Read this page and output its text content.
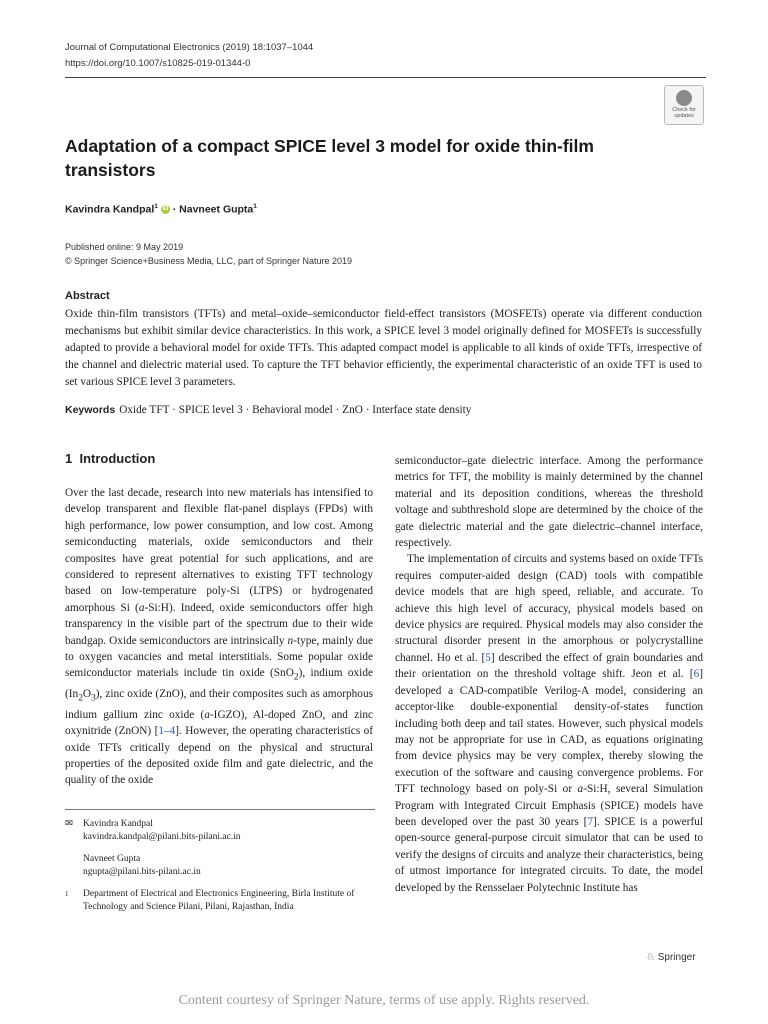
Journal of Computational Electronics (2019) 18:1037–1044
https://doi.org/10.1007/s10825-019-01344-0
Check for
updates
Adaptation of a compact SPICE level 3 model for oxide thin-film transistors
Kavindra Kandpal$^1$ iD · Navneet Gupta$^1$
Published online: 9 May 2019
© Springer Science+Business Media, LLC, part of Springer Nature 2019
Abstract
Oxide thin-film transistors (TFTs) and metal–oxide–semiconductor field-effect transistors (MOSFETs) operate via different conduction mechanisms but exhibit similar device characteristics. In this work, a SPICE level 3 model originally defined for MOSFETs is successfully adapted to provide a behavioral model for oxide TFTs. This adapted compact model is applicable to all kinds of oxide TFTs, irrespective of the channel and dielectric material used. To capture the TFT behavior efficiently, the experimental characteristic of an oxide TFT is used to set various SPICE level 3 parameters.
Keywords Oxide TFT · SPICE level 3 · Behavioral model · ZnO · Interface state density
1 Introduction

Over the last decade, research into new materials has intensified to develop transparent and flexible flat-panel displays (FPDs) with high performance, low power consumption, and low cost. Among semiconducting materials, oxide semiconductors and their composites have great potential for such applications, and are considered to represent alternatives to existing TFT technology based on low-temperature poly-Si (LTPS) or hydrogenated amorphous Si (a-Si:H). Indeed, oxide semiconductors offer high transparency in the visible part of the spectrum due to their wide bandgap. Oxide semiconductors are intrinsically n-type, mainly due to oxygen vacancies and metal interstitials. Some popular oxide semiconductor materials include tin oxide (SnO$_2$), indium oxide $(In_2O_3)$, zinc oxide (ZnO), and their composites such as amorphous indium gallium zinc oxide (a-IGZO), Al-doped ZnO, and zinc oxynitride (ZnON) [1–4]. However, the operating characteristics of oxide TFTs critically depend on the physical and structural properties of the deposited oxide film and gate dielectric, and the quality of the oxide

semiconductor–gate dielectric interface. Among the performance metrics for TFT, the mobility is mainly determined by the channel material and its deposition conditions, whereas the threshold voltage and subthreshold slope are determined by the choice of the gate dielectric material and the gate dielectric–channel interface, respectively.

The implementation of circuits and systems based on oxide TFTs requires computer-aided design (CAD) tools with compatible device models that are high speed, reliable, and accurate. To achieve this high level of accuracy, physical models based on device physics are required. Physical models may also consider the structural disorder present in the amorphous or polycrystalline channel. Ho et al. [5] described the effect of grain boundaries and their orientation on the threshold voltage shift. Jeon et al. [6] developed a CAD-compatible Verilog-A model, considering an acceptor-like double-exponential density-of-states function including both deep and tail states. However, such physical models may not be appropriate for use in CAD, as equations originating from device physics may be very complex, thereby slowing the execution of the software and causing convergence problems. For TFT technology based on poly-Si or a-Si:H, several Simulation Program with Integrated Circuit Emphasis (SPICE) models have been developed over the past 30 years [7]. SPICE is a powerful open-source general-purpose circuit simulator that can be used to verify the designs of circuits and analyze their characteristics, being of utmost importance for integrated circuits. To date, the model developed by the Rensselaer Polytechnic Institute has

✉ Kavindra Kandpal
kavindra.kandpal@pilani.bits-pilani.ac.in
Navneet Gupta
ngupta@pilani.bits-pilani.ac.in
1 Department of Electrical and Electronics Engineering, Birla Institute of Technology and Science Pilani, Pilani, Rajasthan, India
♘ Springer
Content courtesy of Springer Nature, terms of use apply. Rights reserved.
